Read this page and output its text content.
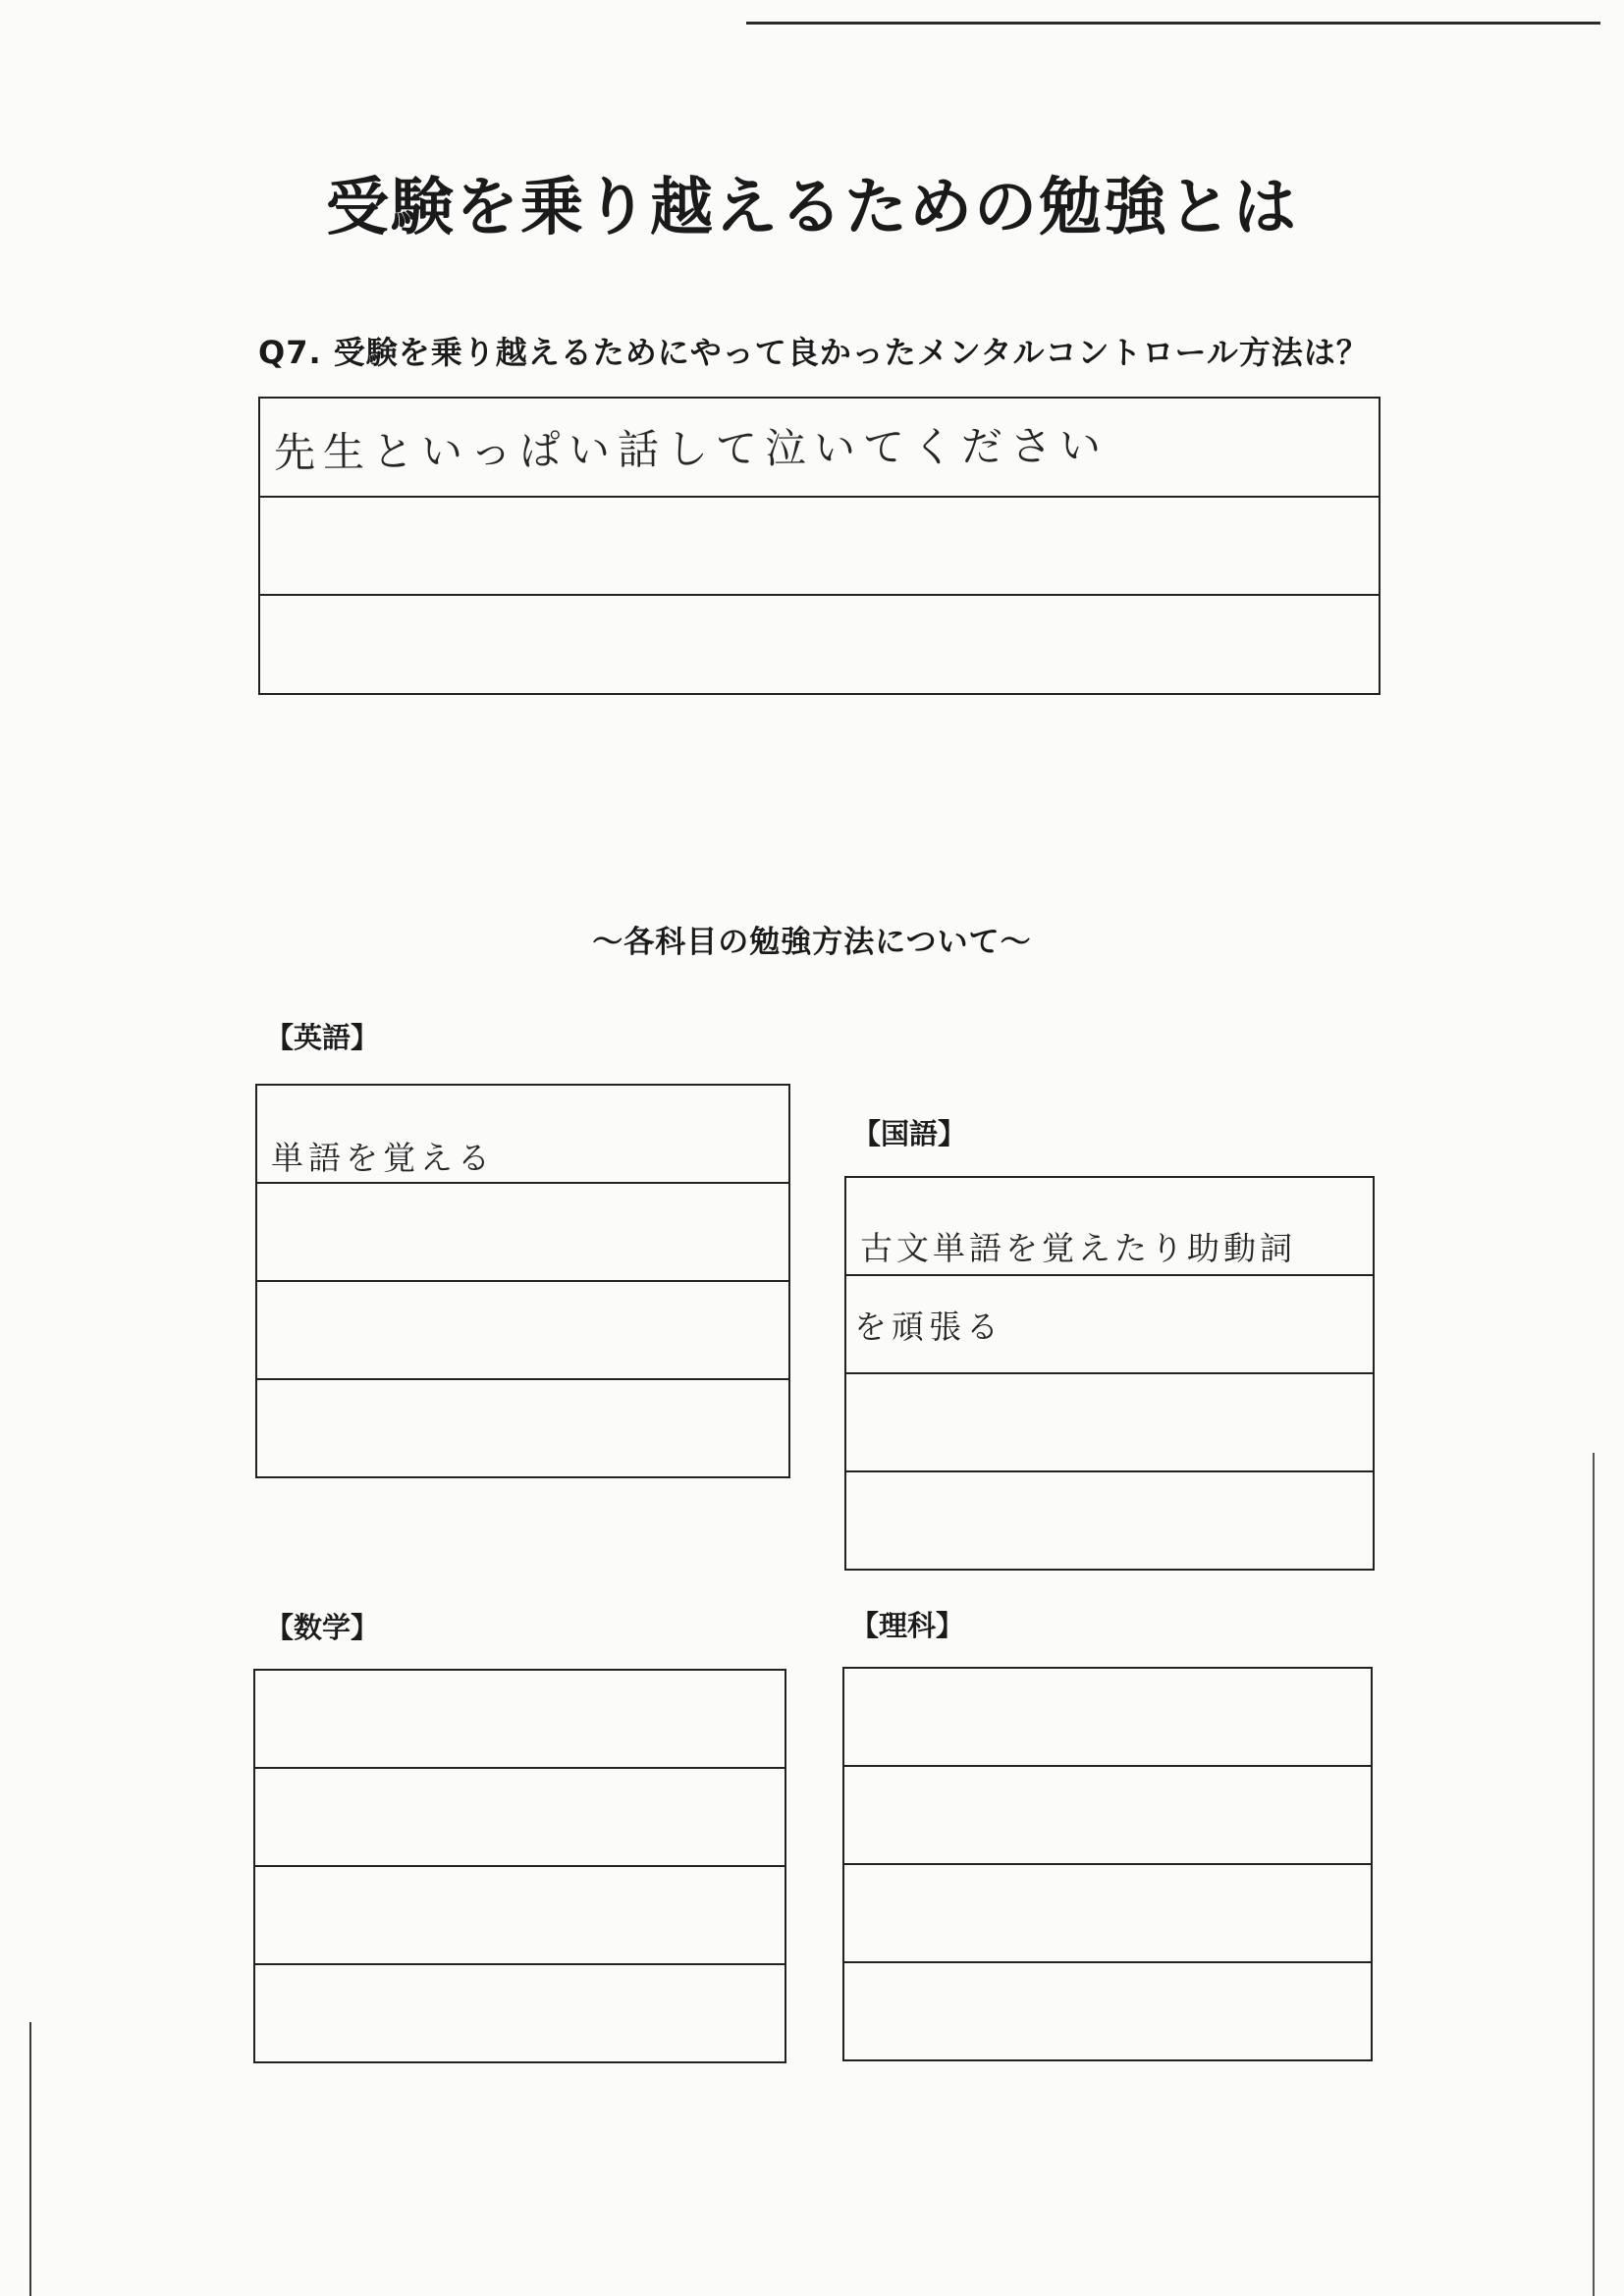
受験を乗り越えるための勉強とは

Q7. 受験を乗り越えるためにやって良かったメンタルコントロール方法は？

先生といっぱい話して泣いてください

〜各科目の勉強方法について〜

【英語】

単語を覚える

【国語】

古文単語を覚えたり助動詞
を頑張る

【数学】	【理科】
